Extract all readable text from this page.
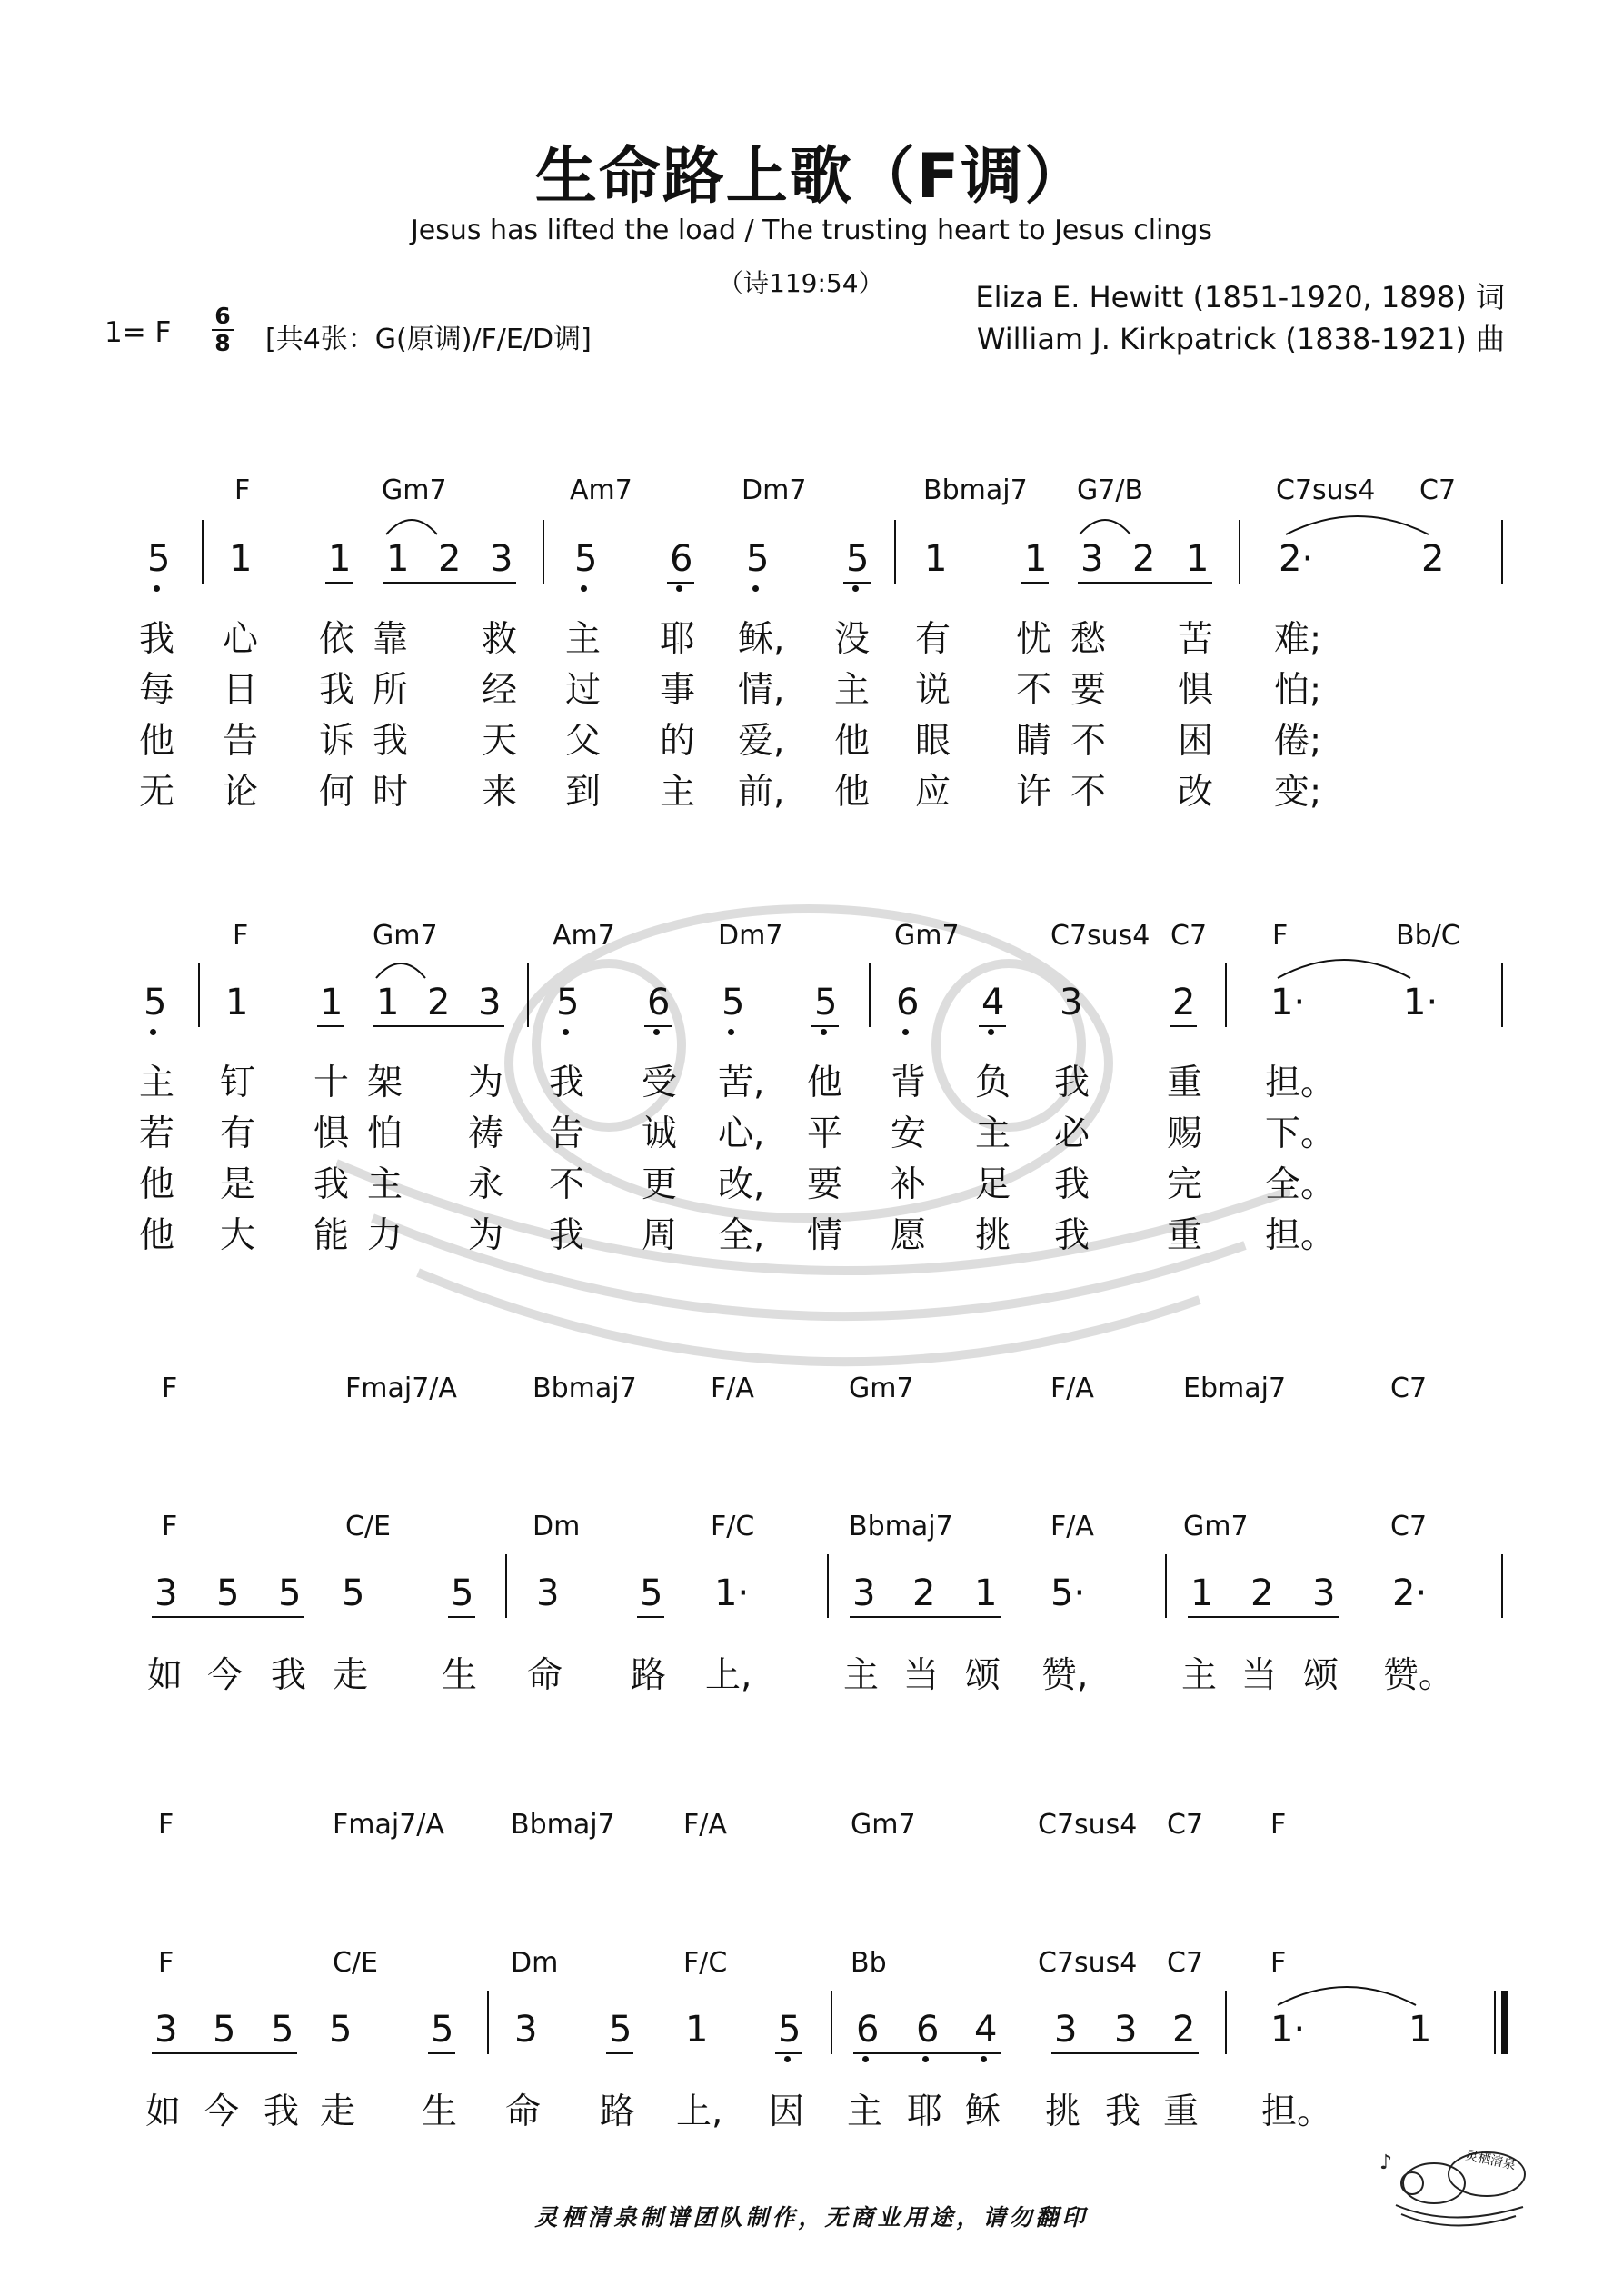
生命路上歌（F调）
Jesus has lifted the load / The trusting heart to Jesus clings
（诗119:54）	Eliza E. Hewitt (1851-1920, 1898) 词
William J. Kirkpatrick (1838-1921) 曲
1= F
6
8 [共4张：G(原调)/F/E/D调]
F	Gm7	Am7	Dm7	Bbmaj7 G7/B	C7sus4 C7
5 1 1 1 2 3 5 6 5 5 1 1 3 2 1 2·	2
我 心 依靠 救 主 耶 稣, 没 有 忧 愁 苦 难;
每 日 我所 经 过 事 情, 主 说 不 要 惧 怕;
他 告 诉我 天 父 的 爱, 他 眼 睛 不 困 倦;
无 论 何时 来 到 主 前, 他 应 许 不 改 变;
F	Gm7	Am7	Dm7	Gm7	C7sus4 C7 F	Bb/C
5 1 1 1 2 3 5 6 5 5 6 4 3 2 1·	1·
主 钉 十架 为 我 受 苦, 他 背 负 我 重 担。
若 有 惧怕 祷 告 诚 心, 平 安 主 必 赐 下。
他 是 我主 永 不 更 改, 要 补 足 我 完 全。
他 大 能力 为 我 周 全, 情 愿 挑 我 重 担。
F	Fmaj7/A	Bbmaj7	F/A	Gm7	F/A	Ebmaj7	C7
F	C/E	Dm	F/C	Bbmaj7	F/A	Gm7	C7
3 5 5 5 5 3 5 1·	3 2 1 5·	1 2 3 2·
如 今 我 走 生 命 路 上,	主 当 颂 赞,	主 当 颂 赞。
F	Fmaj7/A Bbmaj7	F/A	Gm7	C7sus4 C7 F
F	C/E	Dm	F/C	Bb	C7sus4 C7 F
3 5 5 5 5 3 5 1 5 6 6 4 3 3 2 1·	1
如 今 我 走 生 命 路 上, 因 主 耶 稣 挑 我 重 担。
灵栖清泉制谱团队制作，无商业用途，请勿翻印
♪	灵栖清泉
